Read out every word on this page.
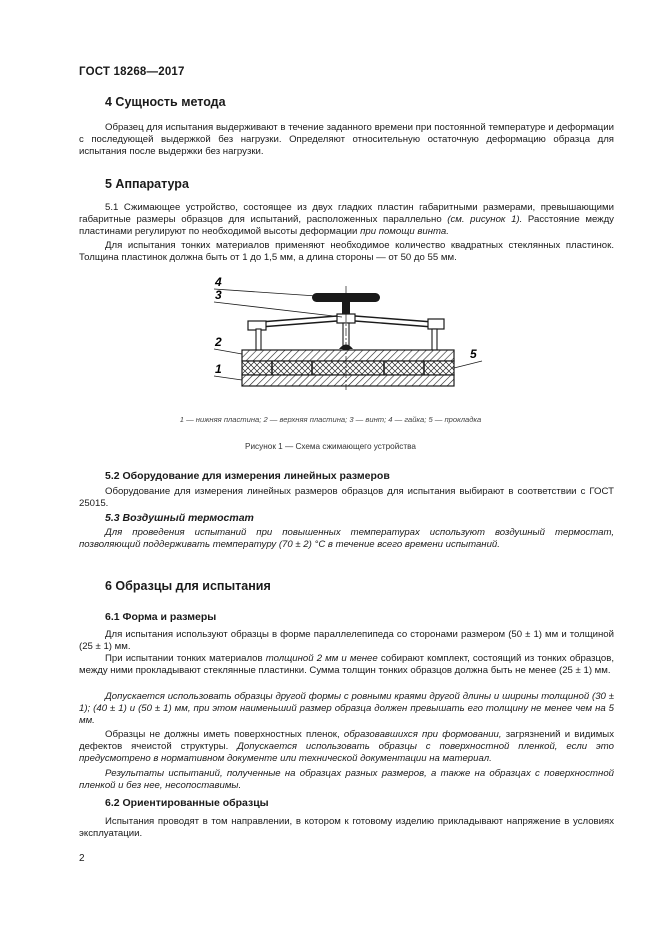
ГОСТ 18268—2017
4 Сущность метода

Образец для испытания выдерживают в течение заданного времени при постоянной температуре и деформации с последующей выдержкой без нагрузки. Определяют относительную остаточную деформацию образца для испытания после выдержки без нагрузки.

5 Аппаратура

5.1 Сжимающее устройство, состоящее из двух гладких пластин габаритными размерами, превышающими габаритные размеры образцов для испытаний, расположенных параллельно (см. рисунок 1). Расстояние между пластинами регулируют по необходимой высоты деформации при помощи винта.

Для испытания тонких материалов применяют необходимое количество квадратных стеклянных пластинок. Толщина пластинок должна быть от 1 до 1,5 мм, а длина стороны — от 50 до 55 мм.

4
3
2
1
5
1 — нижняя пластина; 2 — верхняя пластина; 3 — винт; 4 — гайка; 5 — прокладка
Рисунок 1 — Схема сжимающего устройства
5.2 Оборудование для измерения линейных размеров

Оборудование для измерения линейных размеров образцов для испытания выбирают в соответствии с ГОСТ 25015.

5.3 Воздушный термостат

Для проведения испытаний при повышенных температурах используют воздушный термостат, позволяющий поддерживать температуру (70 ± 2) °С в течение всего времени испытаний.

6 Образцы для испытания
6.1 Форма и размеры

Для испытания используют образцы в форме параллелепипеда со сторонами размером (50 ± 1) мм и толщиной (25 ± 1) мм.

При испытании тонких материалов толщиной 2 мм и менее собирают комплект, состоящий из тонких образцов, между ними прокладывают стеклянные пластинки. Сумма толщин тонких образцов должна быть не менее (25 ± 1) мм.

Допускается использовать образцы другой формы с ровными краями другой длины и ширины толщиной (30 ± 1); (40 ± 1) и (50 ± 1) мм, при этом наименьший размер образца должен превышать его толщину не менее чем на 5 мм.

Образцы не должны иметь поверхностных пленок, образовавшихся при формовании, загрязнений и видимых дефектов ячеистой структуры. Допускается использовать образцы с поверхностной пленкой, если это предусмотрено в нормативном документе или технической документации на материал.

Результаты испытаний, полученные на образцах разных размеров, а также на образцах с поверхностной пленкой и без нее, несопоставимы.

6.2 Ориентированные образцы

Испытания проводят в том направлении, в котором к готовому изделию прикладывают напряжение в условиях эксплуатации.

2
